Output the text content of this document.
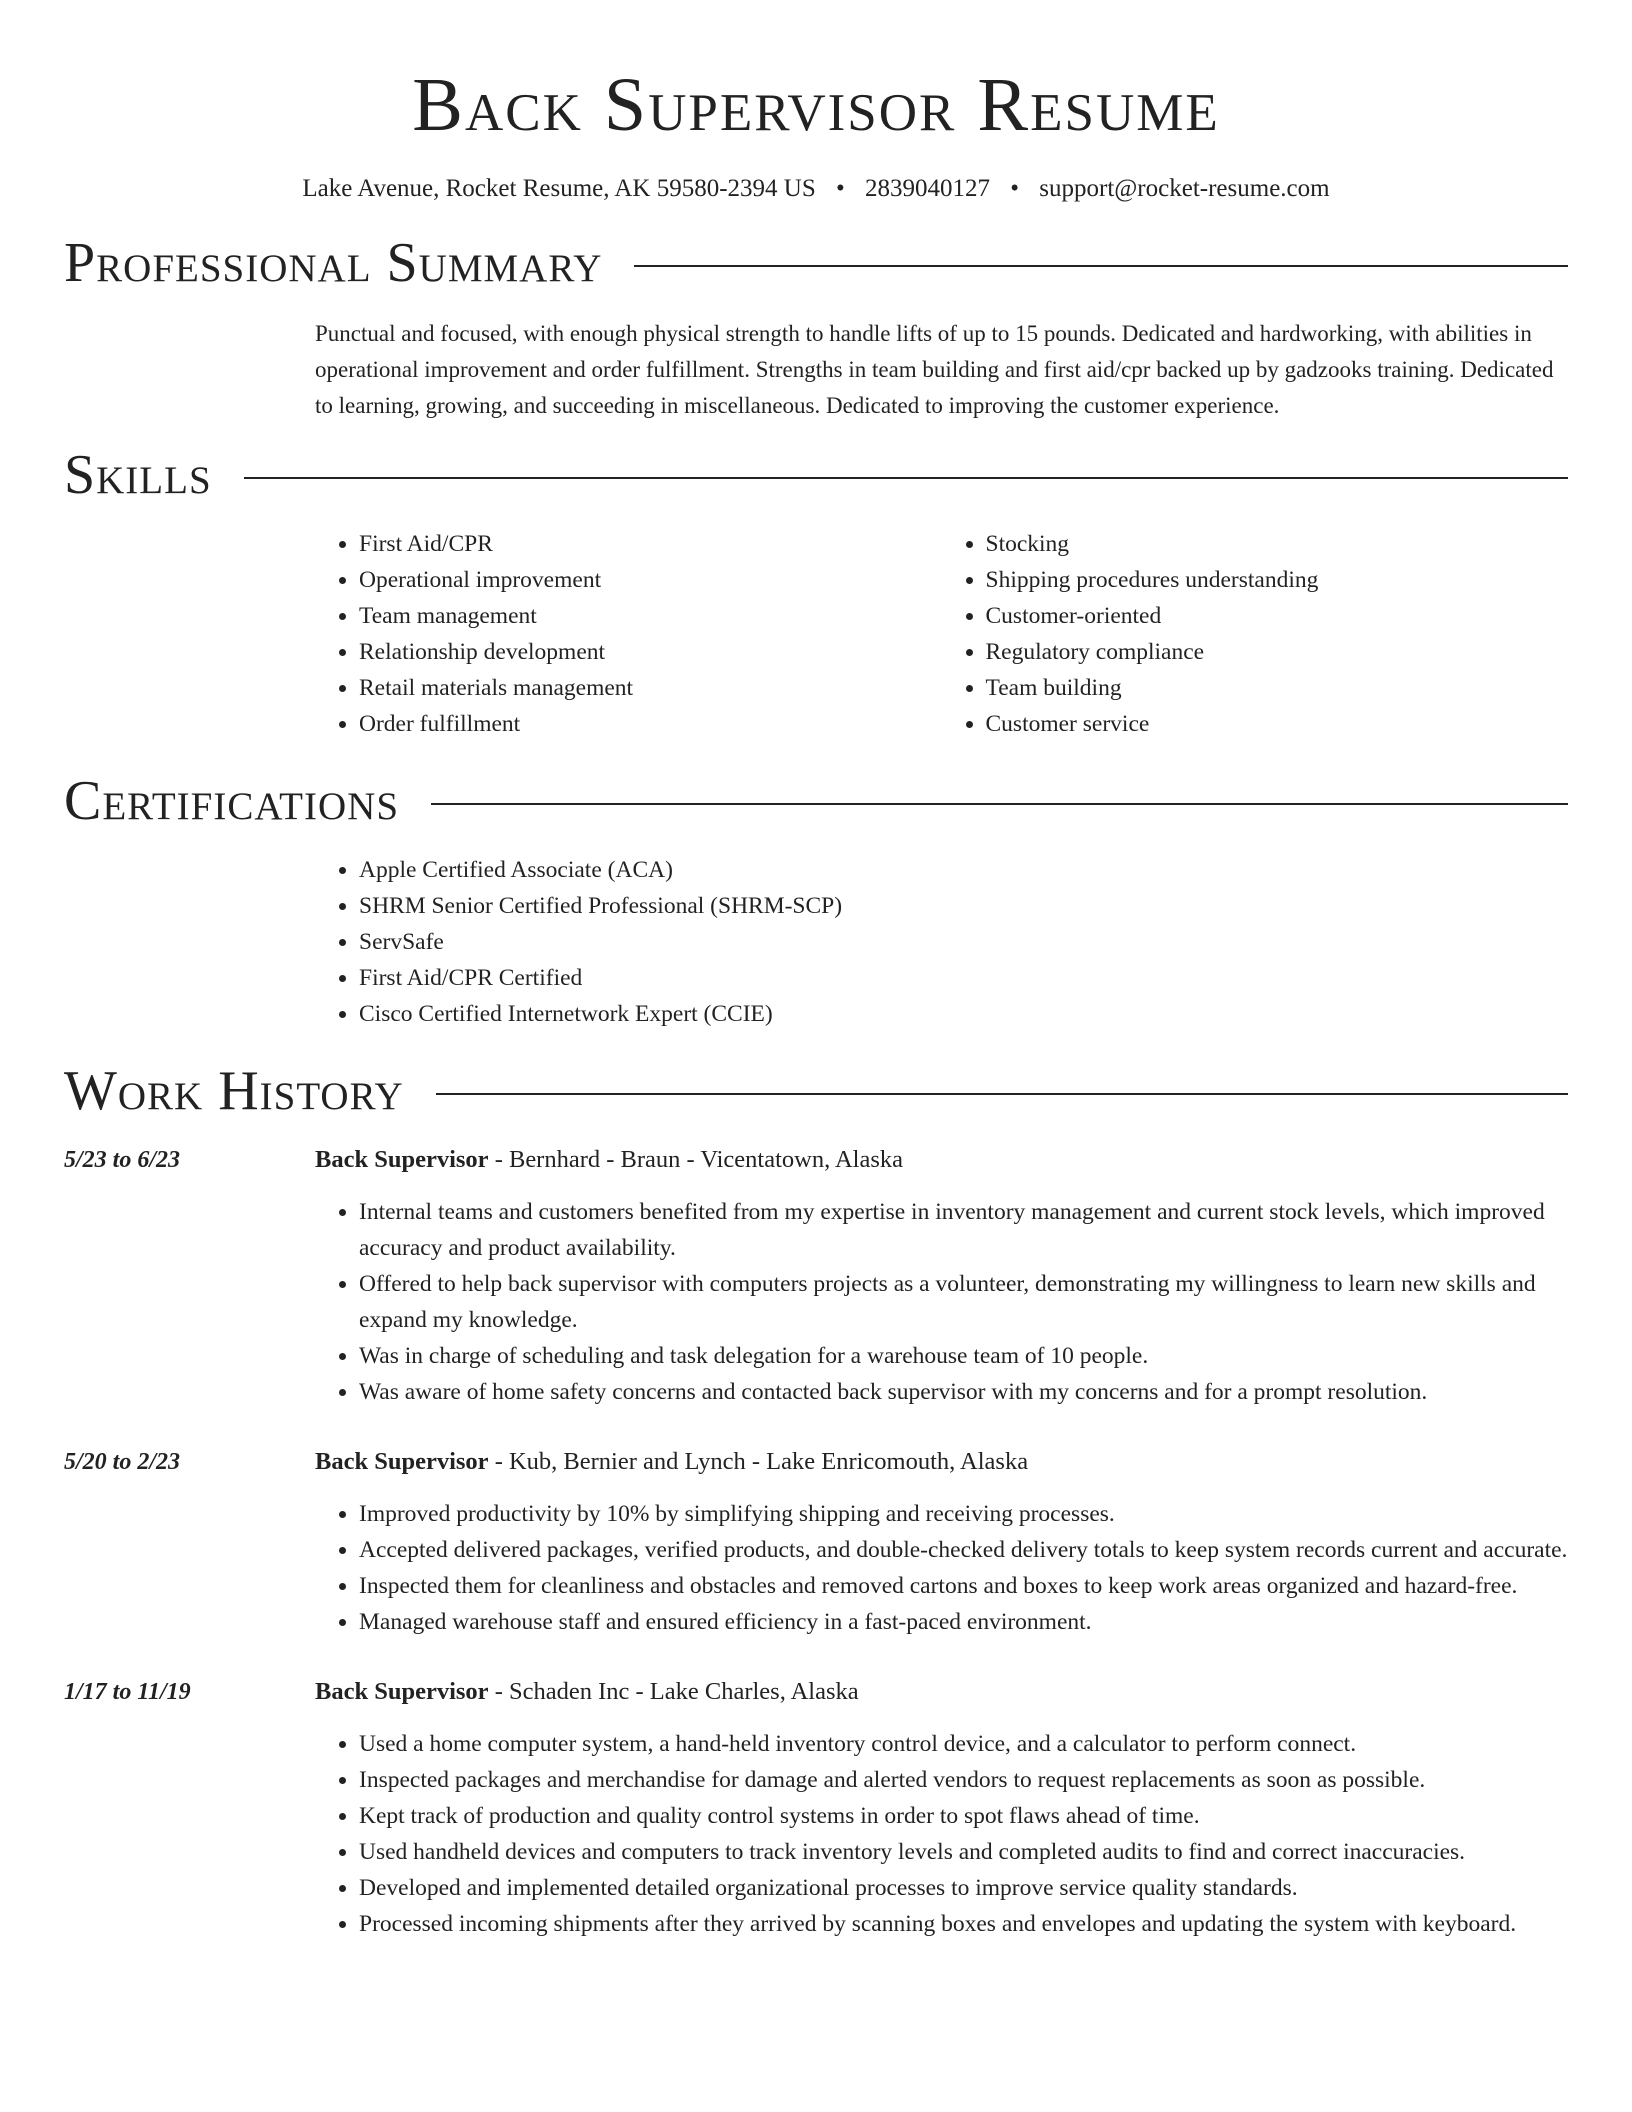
Back Supervisor Resume
Lake Avenue, Rocket Resume, AK 59580-2394 US • 2839040127 • support@rocket-resume.com
Professional Summary

Punctual and focused, with enough physical strength to handle lifts of up to 15 pounds. Dedicated and hardworking, with abilities in operational improvement and order fulfillment. Strengths in team building and first aid/cpr backed up by gadzooks training. Dedicated to learning, growing, and succeeding in miscellaneous. Dedicated to improving the customer experience.

Skills
• First Aid/CPR
• Operational improvement
• Team management
• Relationship development
• Retail materials management
• Order fulfillment
• Stocking
• Shipping procedures understanding
• Customer-oriented
• Regulatory compliance
• Team building
• Customer service
Certifications
• Apple Certified Associate (ACA)
• SHRM Senior Certified Professional (SHRM-SCP)
• ServSafe
• First Aid/CPR Certified
• Cisco Certified Internetwork Expert (CCIE)
Work History
5/23 to 6/23	Back Supervisor - Bernhard - Braun - Vicentatown, Alaska
• Internal teams and customers benefited from my expertise in inventory management and current stock levels, which improved accuracy and product availability.
• Offered to help back supervisor with computers projects as a volunteer, demonstrating my willingness to learn new skills and expand my knowledge.
• Was in charge of scheduling and task delegation for a warehouse team of 10 people.
• Was aware of home safety concerns and contacted back supervisor with my concerns and for a prompt resolution.
5/20 to 2/23	Back Supervisor - Kub, Bernier and Lynch - Lake Enricomouth, Alaska
• Improved productivity by 10% by simplifying shipping and receiving processes.
• Accepted delivered packages, verified products, and double-checked delivery totals to keep system records current and accurate.
• Inspected them for cleanliness and obstacles and removed cartons and boxes to keep work areas organized and hazard-free.
• Managed warehouse staff and ensured efficiency in a fast-paced environment.
1/17 to 11/19	Back Supervisor - Schaden Inc - Lake Charles, Alaska
• Used a home computer system, a hand-held inventory control device, and a calculator to perform connect.
• Inspected packages and merchandise for damage and alerted vendors to request replacements as soon as possible.
• Kept track of production and quality control systems in order to spot flaws ahead of time.
• Used handheld devices and computers to track inventory levels and completed audits to find and correct inaccuracies.
• Developed and implemented detailed organizational processes to improve service quality standards.
• Processed incoming shipments after they arrived by scanning boxes and envelopes and updating the system with keyboard.
